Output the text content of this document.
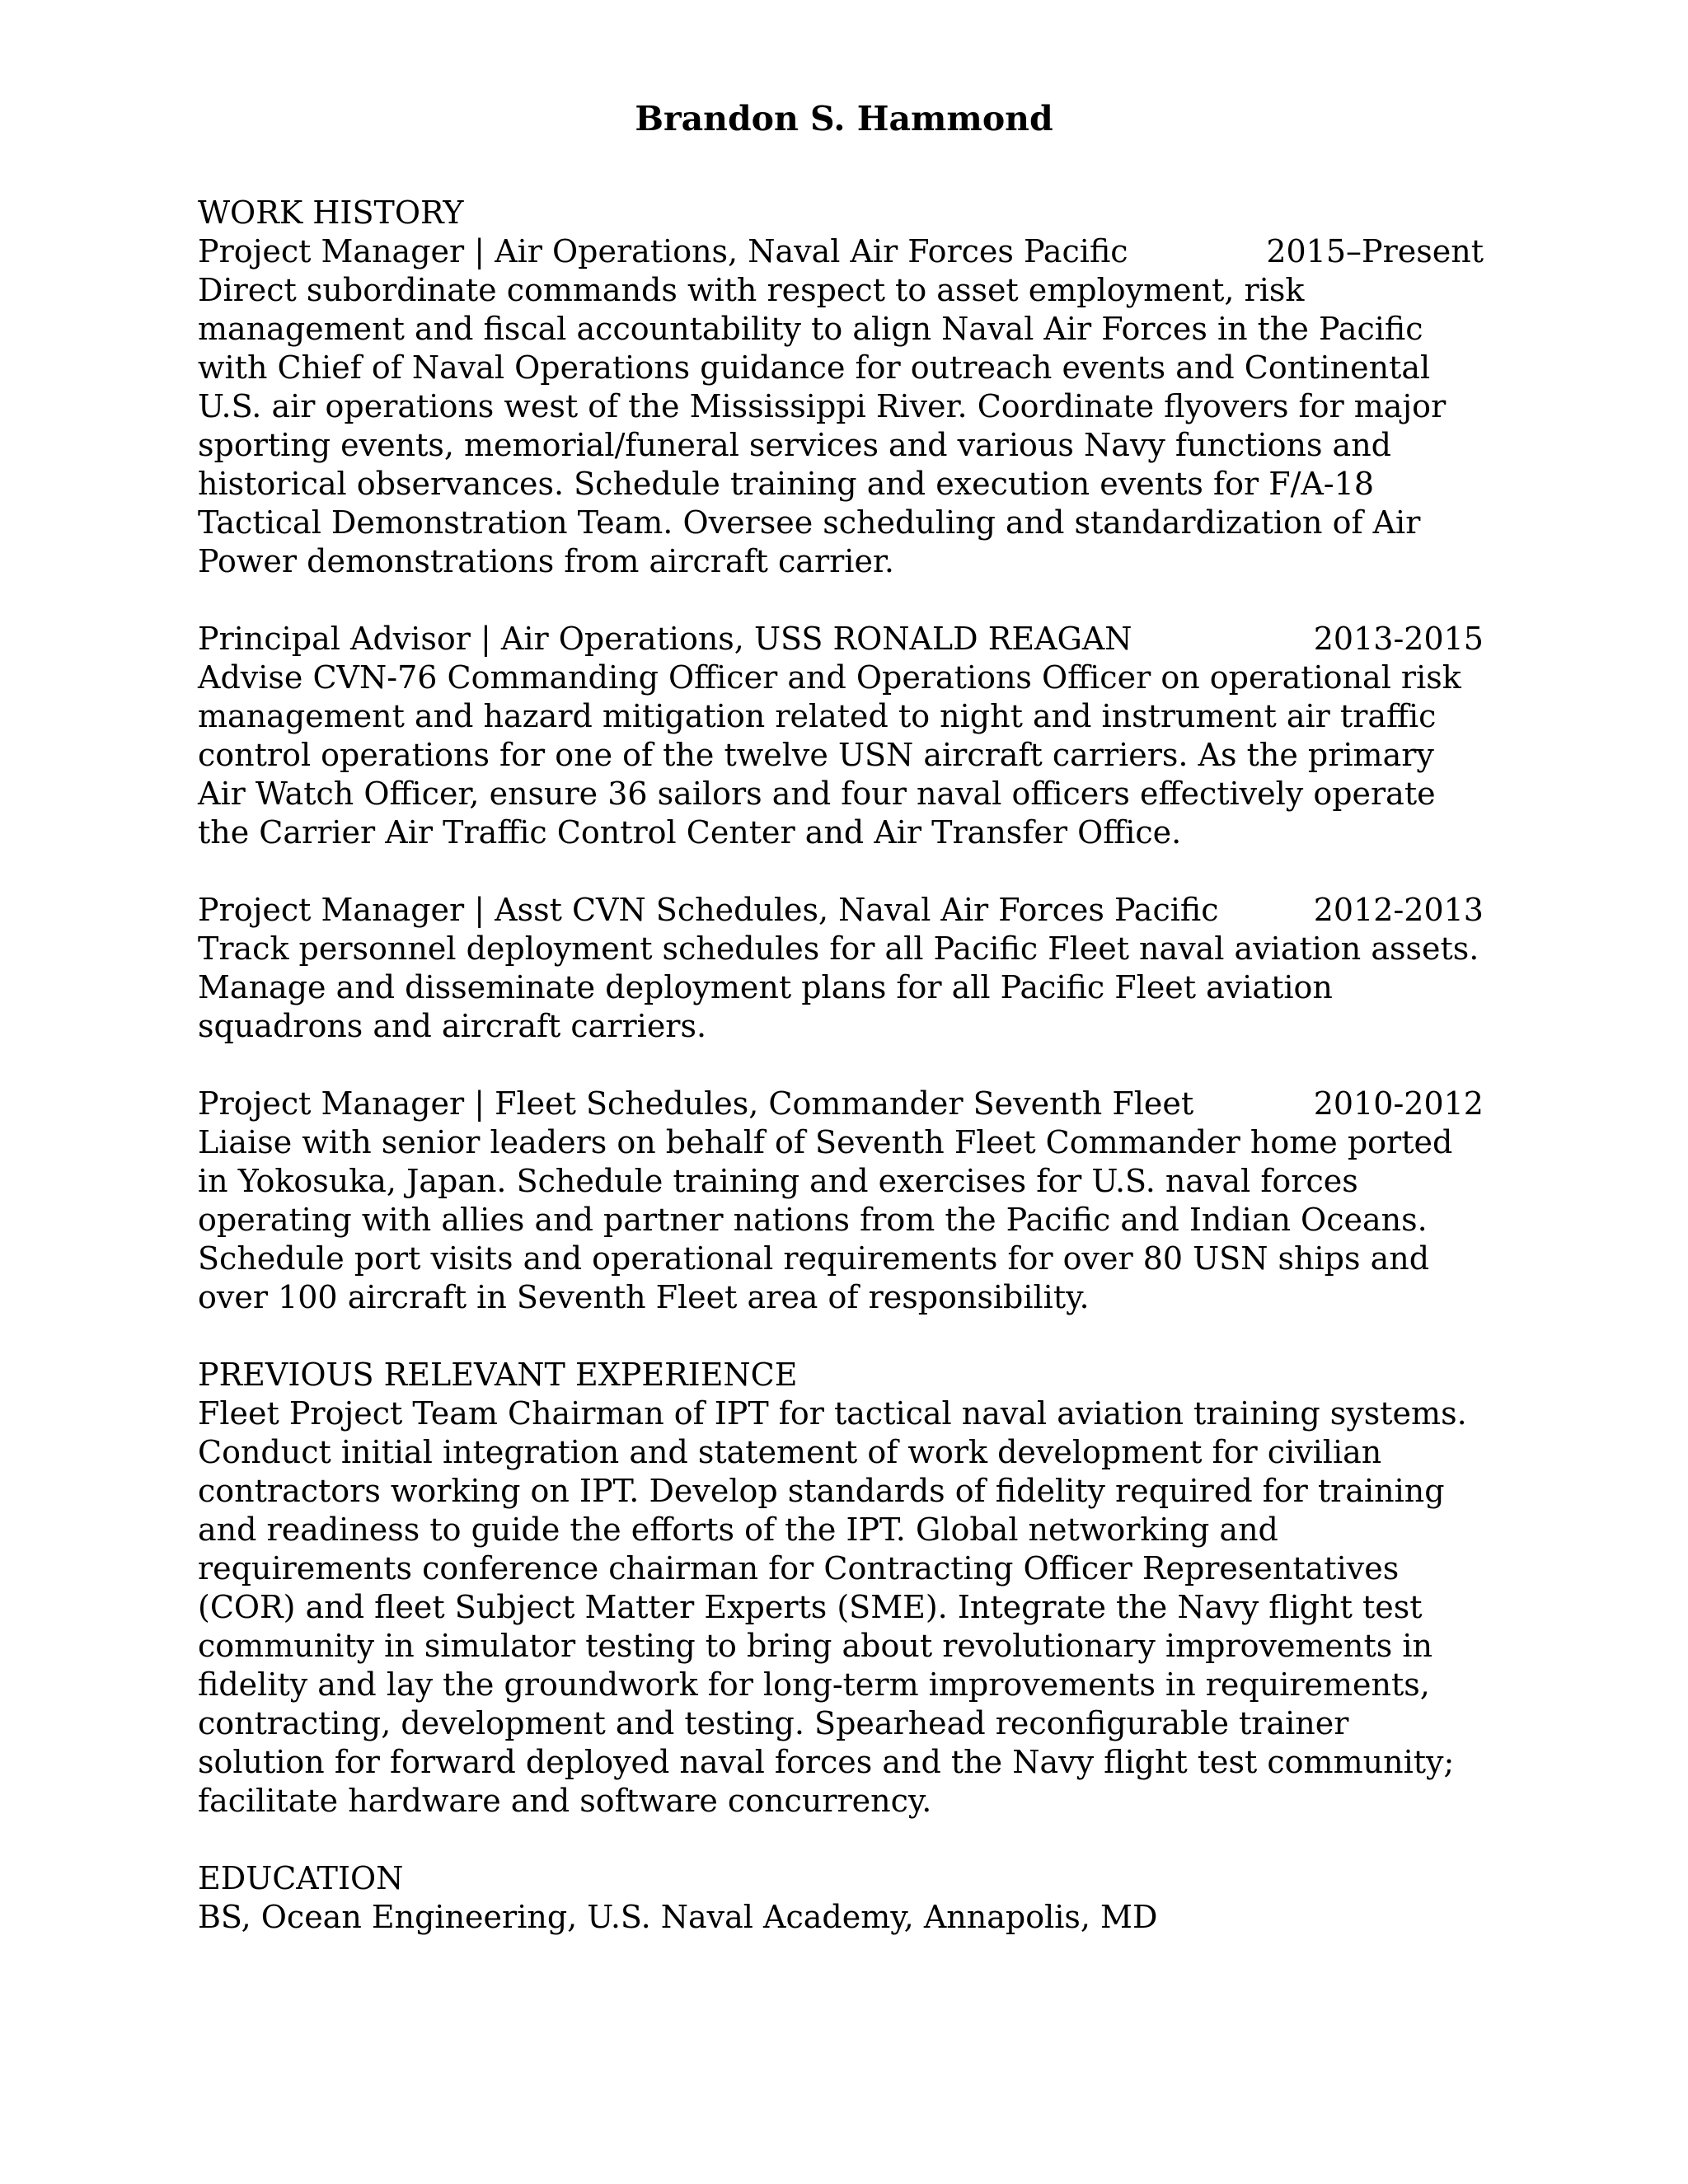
Brandon S. Hammond
WORK HISTORY
Project Manager | Air Operations, Naval Air Forces Pacific	2015–Present

Direct subordinate commands with respect to asset employment, risk management and fiscal accountability to align Naval Air Forces in the Pacific with Chief of Naval Operations guidance for outreach events and Continental U.S. air operations west of the Mississippi River. Coordinate flyovers for major sporting events, memorial/funeral services and various Navy functions and historical observances. Schedule training and execution events for F/A-18 Tactical Demonstration Team. Oversee scheduling and standardization of Air Power demonstrations from aircraft carrier.

Principal Advisor | Air Operations, USS RONALD REAGAN	2013-2015

Advise CVN-76 Commanding Officer and Operations Officer on operational risk management and hazard mitigation related to night and instrument air traffic control operations for one of the twelve USN aircraft carriers. As the primary Air Watch Officer, ensure 36 sailors and four naval officers effectively operate the Carrier Air Traffic Control Center and Air Transfer Office.

Project Manager | Asst CVN Schedules, Naval Air Forces Pacific	2012-2013

Track personnel deployment schedules for all Pacific Fleet naval aviation assets. Manage and disseminate deployment plans for all Pacific Fleet aviation squadrons and aircraft carriers.

Project Manager | Fleet Schedules, Commander Seventh Fleet	2010-2012

Liaise with senior leaders on behalf of Seventh Fleet Commander home ported in Yokosuka, Japan. Schedule training and exercises for U.S. naval forces operating with allies and partner nations from the Pacific and Indian Oceans. Schedule port visits and operational requirements for over 80 USN ships and over 100 aircraft in Seventh Fleet area of responsibility.

PREVIOUS RELEVANT EXPERIENCE

Fleet Project Team Chairman of IPT for tactical naval aviation training systems. Conduct initial integration and statement of work development for civilian contractors working on IPT. Develop standards of fidelity required for training and readiness to guide the efforts of the IPT. Global networking and requirements conference chairman for Contracting Officer Representatives (COR) and fleet Subject Matter Experts (SME). Integrate the Navy flight test community in simulator testing to bring about revolutionary improvements in fidelity and lay the groundwork for long-term improvements in requirements, contracting, development and testing. Spearhead reconfigurable trainer solution for forward deployed naval forces and the Navy flight test community; facilitate hardware and software concurrency.

EDUCATION
BS, Ocean Engineering, U.S. Naval Academy, Annapolis, MD
